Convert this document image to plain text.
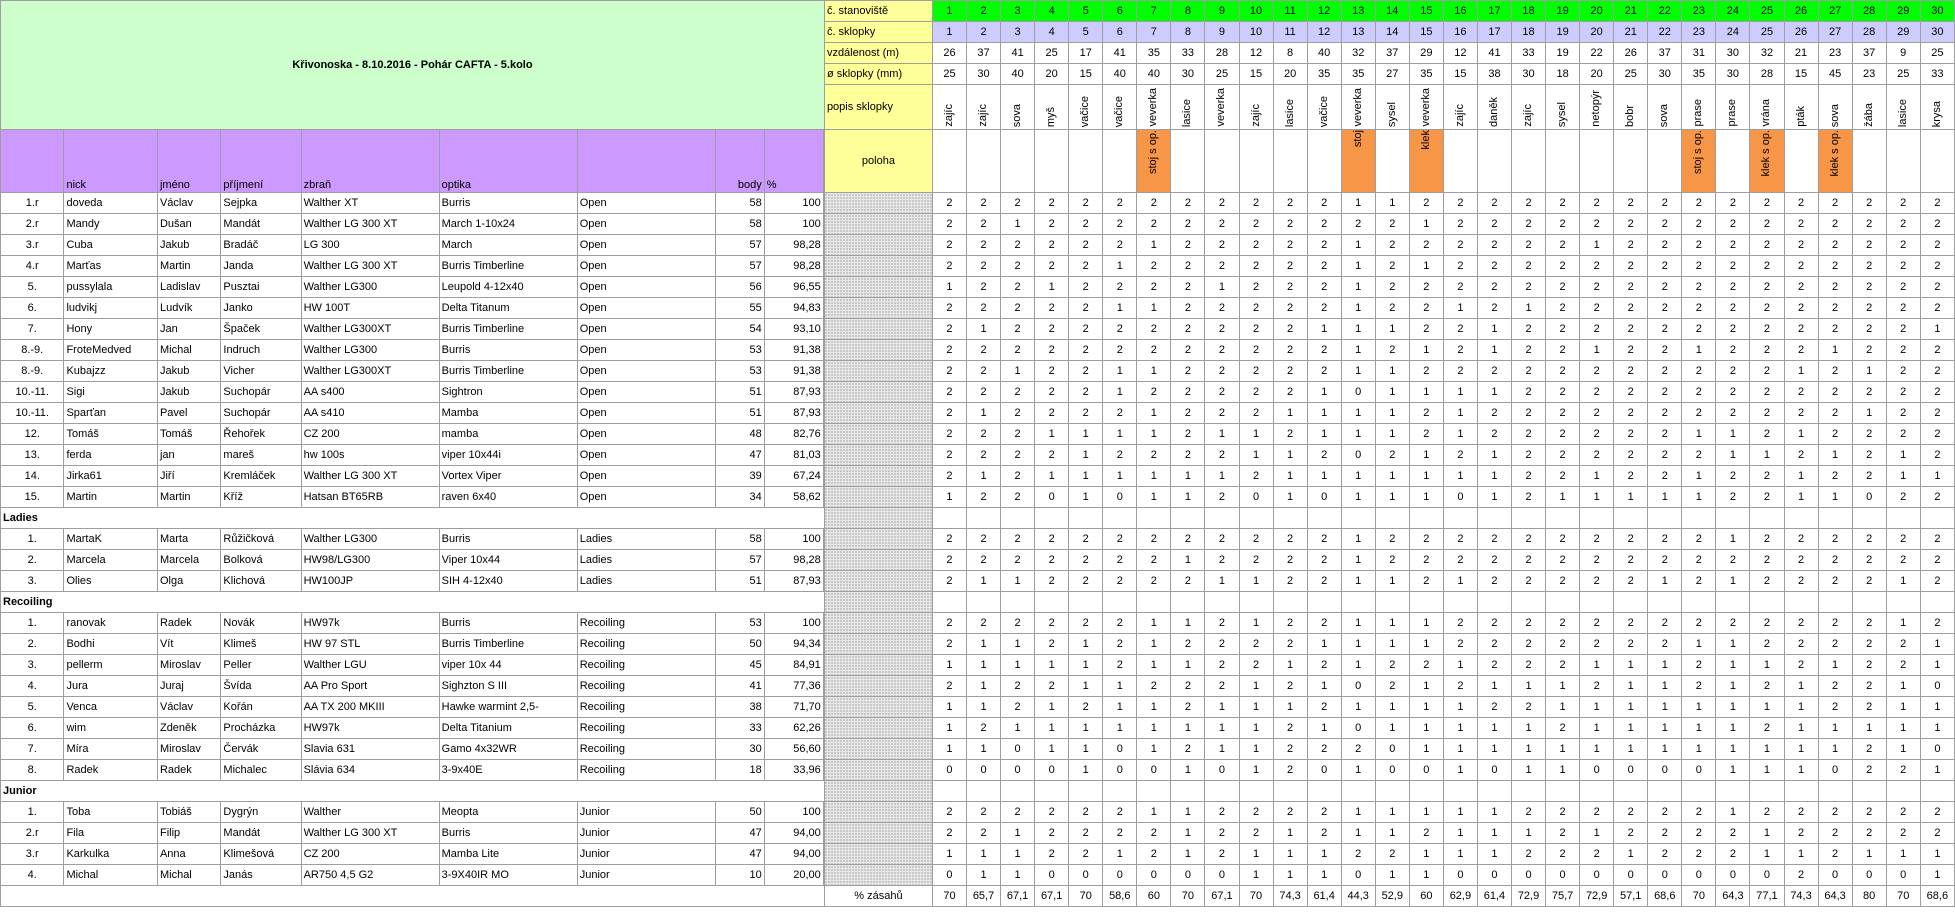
Křivonoska - 8.10.2016 - Pohár CAFTA - 5.kolo									č. stanoviště	1	2	3	4	5	6	7	8	9	10	11	12	13	14	15	16	17	18	19	20	21	22	23	24	25	26	27	28	29	30
									č. sklopky	1	2	3	4	5	6	7	8	9	10	11	12	13	14	15	16	17	18	19	20	21	22	23	24	25	26	27	28	29	30
									vzdálenost (m)	26	37	41	25	17	41	35	33	28	12	8	40	32	37	29	12	41	33	19	22	26	37	31	30	32	21	23	37	9	25
									ø sklopky (mm)	25	30	40	20	15	40	40	30	25	15	20	35	35	27	35	15	38	30	18	20	25	30	35	30	28	15	45	23	25	33
									popis sklopky	zajíc	zajíc	sova	myš	vačice	vačice	veverka	lasice	veverka	zajíc	lasice	vačice	veverka	sysel	veverka	zajíc	daněk	zajíc	sysel	netopýr	bobr	sova	prase	prase	vrána	pták	sova	žába	lasice	krysa

	nick	jméno	příjmení	zbraň	optika		body	%		poloha							stoj s op.						stoj		klek								stoj s op.		klek s op.		klek s op.			

1.r	doveda	Václav	Sejpka	Walther XT	Burris	Open	58	100			2	2	2	2	2	2	2	2	2	2	2	2	1	1	2	2	2	2	2	2	2	2	2	2	2	2	2	2	2	2
2.r	Mandy	Dušan	Mandát	Walther LG 300 XT	March 1-10x24	Open	58	100			2	2	1	2	2	2	2	2	2	2	2	2	2	2	1	2	2	2	2	2	2	2	2	2	2	2	2	2	2	2
3.r	Cuba	Jakub	Bradáč	LG 300	March	Open	57	98,28			2	2	2	2	2	2	1	2	2	2	2	2	1	2	2	2	2	2	2	1	2	2	2	2	2	2	2	2	2	2
4.r	Marťas	Martin	Janda	Walther LG 300 XT	Burris Timberline	Open	57	98,28			2	2	2	2	2	1	2	2	2	2	2	2	1	2	1	2	2	2	2	2	2	2	2	2	2	2	2	2	2	2
5.	pussylala	Ladislav	Pusztai	Walther LG300	Leupold 4-12x40	Open	56	96,55			1	2	2	1	2	2	2	2	1	2	2	2	1	2	2	2	2	2	2	2	2	2	2	2	2	2	2	2	2	2
6.	ludvikj	Ludvík	Janko	HW 100T	Delta Titanum	Open	55	94,83			2	2	2	2	2	1	1	2	2	2	2	2	1	2	2	1	2	1	2	2	2	2	2	2	2	2	2	2	2	2
7.	Hony	Jan	Špaček	Walther LG300XT	Burris Timberline	Open	54	93,10			2	1	2	2	2	2	2	2	2	2	2	1	1	1	2	2	1	2	2	2	2	2	2	2	2	2	2	2	2	1
8.-9.	FroteMedved	Michal	Indruch	Walther LG300	Burris	Open	53	91,38			2	2	2	2	2	2	2	2	2	2	2	2	1	2	1	2	1	2	2	1	2	2	1	2	2	2	1	2	2	2
8.-9.	Kubajzz	Jakub	Vicher	Walther LG300XT	Burris Timberline	Open	53	91,38			2	2	1	2	2	1	1	2	2	2	2	2	1	1	2	2	2	2	2	2	2	2	2	2	2	1	2	1	2	2
10.-11.	Sigi	Jakub	Suchopár	AA s400	Sightron	Open	51	87,93			2	2	2	2	2	1	2	2	2	2	2	1	0	1	1	1	1	2	2	2	2	2	2	2	2	2	2	2	2	2
10.-11.	Sparťan	Pavel	Suchopár	AA s410	Mamba	Open	51	87,93			2	1	2	2	2	2	1	2	2	2	1	1	1	1	2	1	2	2	2	2	2	2	2	2	2	2	2	1	2	2
12.	Tomáš	Tomáš	Řehořek	CZ 200	mamba	Open	48	82,76			2	2	2	1	1	1	1	2	1	1	2	1	1	1	2	1	2	2	2	2	2	2	1	1	2	1	2	2	2	2
13.	ferda	jan	mareš	hw 100s	viper 10x44i	Open	47	81,03			2	2	2	2	1	2	2	2	2	1	1	2	0	2	1	2	1	2	2	2	2	2	2	1	1	2	1	2	1	2
14.	Jirka61	Jiří	Kremláček	Walther LG 300 XT	Vortex Viper	Open	39	67,24			2	1	2	1	1	1	1	1	1	2	1	1	1	1	1	1	1	2	2	1	2	2	1	2	2	1	2	2	1	1
15.	Martin	Martin	Kříž	Hatsan BT65RB	raven 6x40	Open	34	58,62			1	2	2	0	1	0	1	1	2	0	1	0	1	1	1	0	1	2	1	1	1	1	1	2	2	1	1	0	2	2
Ladies																																							
1.	MartaK	Marta	Růžičková	Walther LG300	Burris	Ladies	58	100			2	2	2	2	2	2	2	2	2	2	2	2	1	2	2	2	2	2	2	2	2	2	2	1	2	2	2	2	2	2
2.	Marcela	Marcela	Bolková	HW98/LG300	Viper 10x44	Ladies	57	98,28			2	2	2	2	2	2	2	1	2	2	2	2	1	2	2	2	2	2	2	2	2	2	2	2	2	2	2	2	2	2
3.	Olies	Olga	Klichová	HW100JP	SIH 4-12x40	Ladies	51	87,93			2	1	1	2	2	2	2	2	1	1	2	2	1	1	2	1	2	2	2	2	2	1	2	1	2	2	2	2	1	2
Recoiling																																							
1.	ranovak	Radek	Novák	HW97k	Burris	Recoiling	53	100			2	2	2	2	2	2	1	1	2	1	2	2	1	1	1	2	2	2	2	2	2	2	2	2	2	2	2	2	1	2
2.	Bodhi	Vít	Klimeš	HW 97 STL	Burris Timberline	Recoiling	50	94,34			2	1	1	2	1	2	1	2	2	2	2	1	1	1	1	2	2	2	2	2	2	2	1	1	2	2	2	2	2	1
3.	pellerm	Miroslav	Peller	Walther LGU	viper 10x 44	Recoiling	45	84,91			1	1	1	1	1	2	1	1	2	2	1	2	1	2	2	1	2	2	2	1	1	1	2	1	1	2	1	2	2	1
4.	Jura	Juraj	Švída	AA Pro Sport	Sighzton S III	Recoiling	41	77,36			2	1	2	2	1	1	2	2	2	1	2	1	0	2	1	2	1	1	1	2	1	1	2	1	2	1	2	2	1	0
5.	Venca	Václav	Kořán	AA TX 200 MKIII	Hawke warmint 2,5-	Recoiling	38	71,70			1	1	2	1	2	1	1	2	1	1	1	2	1	1	1	1	2	2	1	1	1	1	1	1	1	1	2	2	1	1
6.	wim	Zdeněk	Procházka	HW97k	Delta Titanium	Recoiling	33	62,26			1	2	1	1	1	1	1	1	1	1	2	1	0	1	1	1	1	1	2	1	1	1	1	1	2	1	1	1	1	1
7.	Míra	Miroslav	Červák	Slavia 631	Gamo 4x32WR	Recoiling	30	56,60			1	1	0	1	1	0	1	2	1	1	2	2	2	0	1	1	1	1	1	1	1	1	1	1	1	1	1	2	1	0
8.	Radek	Radek	Michalec	Slávia 634	3-9x40E	Recoiling	18	33,96			0	0	0	0	1	0	0	1	0	1	2	0	1	0	0	1	0	1	1	0	0	0	0	1	1	1	0	2	2	1
Junior																																							
1.	Toba	Tobiáš	Dygrýn	Walther	Meopta	Junior	50	100			2	2	2	2	2	2	1	1	2	2	2	2	1	1	1	1	1	2	2	2	2	2	2	1	2	2	2	2	2	2
2.r	Fila	Filip	Mandát	Walther LG 300 XT	Burris	Junior	47	94,00			2	2	1	2	2	2	2	1	2	2	1	2	1	1	2	1	1	1	2	1	2	2	2	2	1	2	2	2	2	2
3.r	Karkulka	Anna	Klimešová	CZ 200	Mamba Lite	Junior	47	94,00			1	1	1	2	2	1	2	1	2	1	1	1	2	2	1	1	1	2	2	2	1	2	2	2	1	1	2	1	1	1
4.	Michal	Michal	Janás	AR750 4,5 G2	3-9X40IR MO	Junior	10	20,00			0	1	1	0	0	0	0	0	0	1	1	1	0	1	1	0	0	0	0	0	0	0	0	0	0	2	0	0	0	1
									% zásahů	70	65,7	67,1	67,1	70	58,6	60	70	67,1	70	74,3	61,4	44,3	52,9	60	62,9	61,4	72,9	75,7	72,9	57,1	68,6	70	64,3	77,1	74,3	64,3	80	70	68,6
